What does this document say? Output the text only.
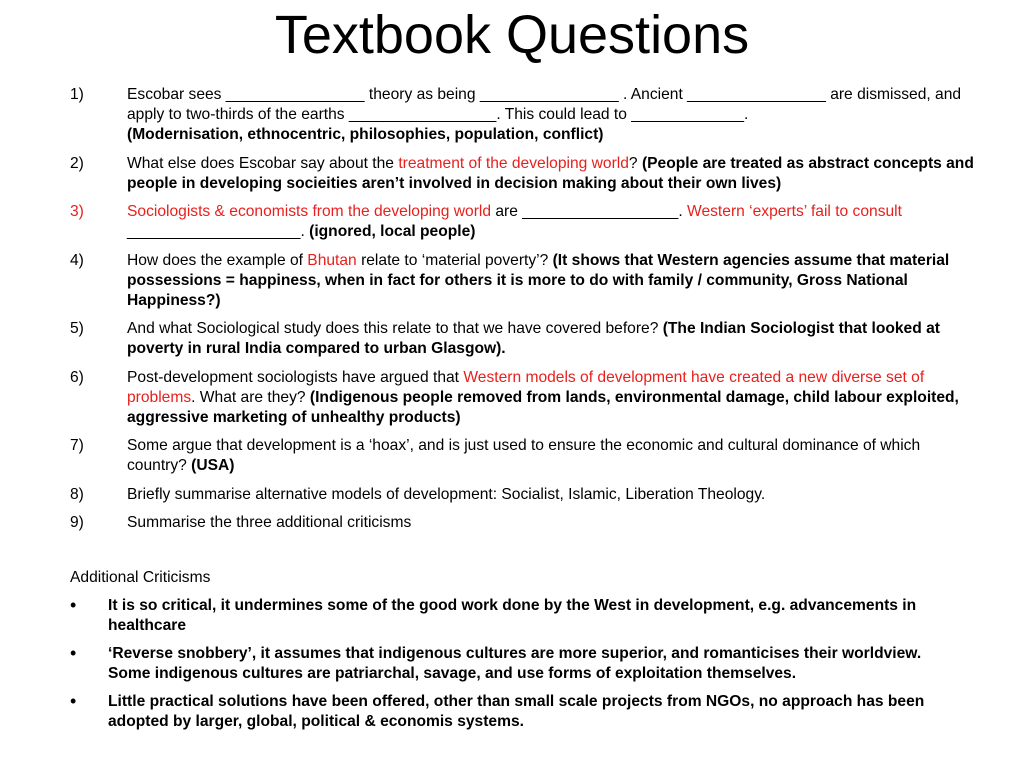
Textbook Questions
1)	Escobar sees ________________ theory as being ________________ . Ancient ________________ are dismissed, and apply to two-thirds of the earths _________________. This could lead to _____________.
(Modernisation, ethnocentric, philosophies, population, conflict)
2)	What else does Escobar say about the treatment of the developing world? (People are treated as abstract concepts and people in developing socieities aren’t involved in decision making about their own lives)
3)	Sociologists & economists from the developing world are __________________. Western ‘experts’ fail to consult ____________________. (ignored, local people)
4)	How does the example of Bhutan relate to ‘material poverty’? (It shows that Western agencies assume that material possessions = happiness, when in fact for others it is more to do with family / community, Gross National Happiness?)
5)	And what Sociological study does this relate to that we have covered before? (The Indian Sociologist that looked at poverty in rural India compared to urban Glasgow).
6)	Post-development sociologists have argued that Western models of development have created a new diverse set of problems. What are they? (Indigenous people removed from lands, environmental damage, child labour exploited, aggressive marketing of unhealthy products)
7)	Some argue that development is a ‘hoax’, and is just used to ensure the economic and cultural dominance of which country? (USA)
8)	Briefly summarise alternative models of development: Socialist, Islamic, Liberation Theology.
9)	Summarise the three additional criticisms
Additional Criticisms
•	It is so critical, it undermines some of the good work done by the West in development, e.g. advancements in healthcare
•	‘Reverse snobbery’, it assumes that indigenous cultures are more superior, and romanticises their worldview. Some indigenous cultures are patriarchal, savage, and use forms of exploitation themselves.
•	Little practical solutions have been offered, other than small scale projects from NGOs, no approach has been adopted by larger, global, political & economis systems.
